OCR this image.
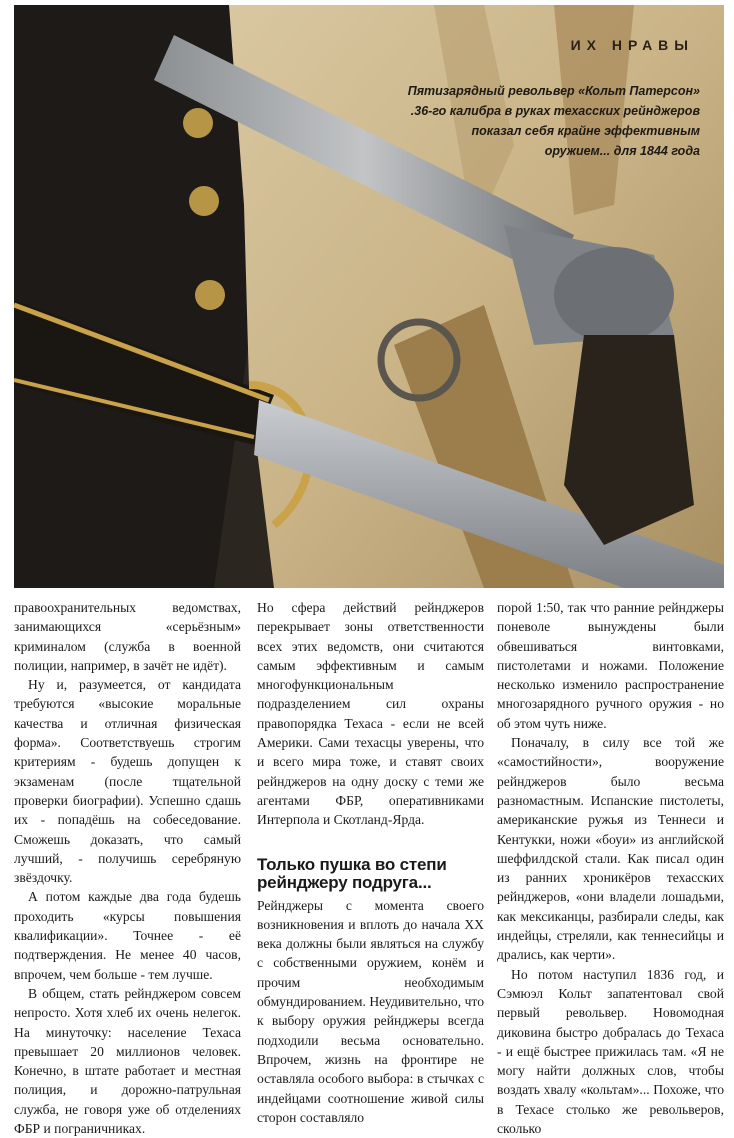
ИХ НРАВЫ
Пятизарядный револьвер «Кольт Патерсон»
.36-го калибра в руках техасских рейнджеров
показал себя крайне эффективным
оружием... для 1844 года

правоохранительных ведомствах, занимающихся «серьёзным» криминалом (служба в военной полиции, например, в зачёт не идёт).

Ну и, разумеется, от кандидата требуются «высокие моральные качества и отличная физическая форма». Соответствуешь строгим критериям - будешь допущен к экзаменам (после тщательной проверки биографии). Успешно сдашь их - попадёшь на собеседование. Сможешь доказать, что самый лучший, - получишь серебряную звёздочку.

А потом каждые два года будешь проходить «курсы повышения квалификации». Точнее - её подтверждения. Не менее 40 часов, впрочем, чем больше - тем лучше.

В общем, стать рейнджером совсем непросто. Хотя хлеб их очень нелегок. На минуточку: население Техаса превышает 20 миллионов человек. Конечно, в штате работает и местная полиция, и дорожно-патрульная служба, не говоря уже об отделениях ФБР и пограничниках.

Но сфера действий рейнджеров перекрывает зоны ответственности всех этих ведомств, они считаются самым эффективным и самым многофункциональным подразделением сил охраны правопорядка Техаса - если не всей Америки. Сами техасцы уверены, что и всего мира тоже, и ставят своих рейнджеров на одну доску с теми же агентами ФБР, оперативниками Интерпола и Скотланд-Ярда.

Только пушка во степи рейнджеру подруга...

Рейнджеры с момента своего возникновения и вплоть до начала XX века должны были являться на службу с собственными оружием, конём и прочим необходимым обмундированием. Неудивительно, что к выбору оружия рейнджеры всегда подходили весьма основательно. Впрочем, жизнь на фронтире не оставляла особого выбора: в стычках с индейцами соотношение живой силы сторон составляло

порой 1:50, так что ранние рейнджеры поневоле вынуждены были обвешиваться винтовками, пистолетами и ножами. Положение несколько изменило распространение многозарядного ручного оружия - но об этом чуть ниже.

Поначалу, в силу все той же «самостийности», вооружение рейнджеров было весьма разномастным. Испанские пистолеты, американские ружья из Теннеси и Кентукки, ножи «боуи» из английской шеффилдской стали. Как писал один из ранних хроникёров техасских рейнджеров, «они владели лошадьми, как мексиканцы, разбирали следы, как индейцы, стреляли, как теннесийцы и дрались, как черти».

Но потом наступил 1836 год, и Сэмюэл Кольт запатентовал свой первый револьвер. Новомодная диковина быстро добралась до Техаса - и ещё быстрее прижилась там. «Я не могу найти должных слов, чтобы воздать хвалу «кольтам»... Похоже, что в Техасе столько же револьверов, сколько
